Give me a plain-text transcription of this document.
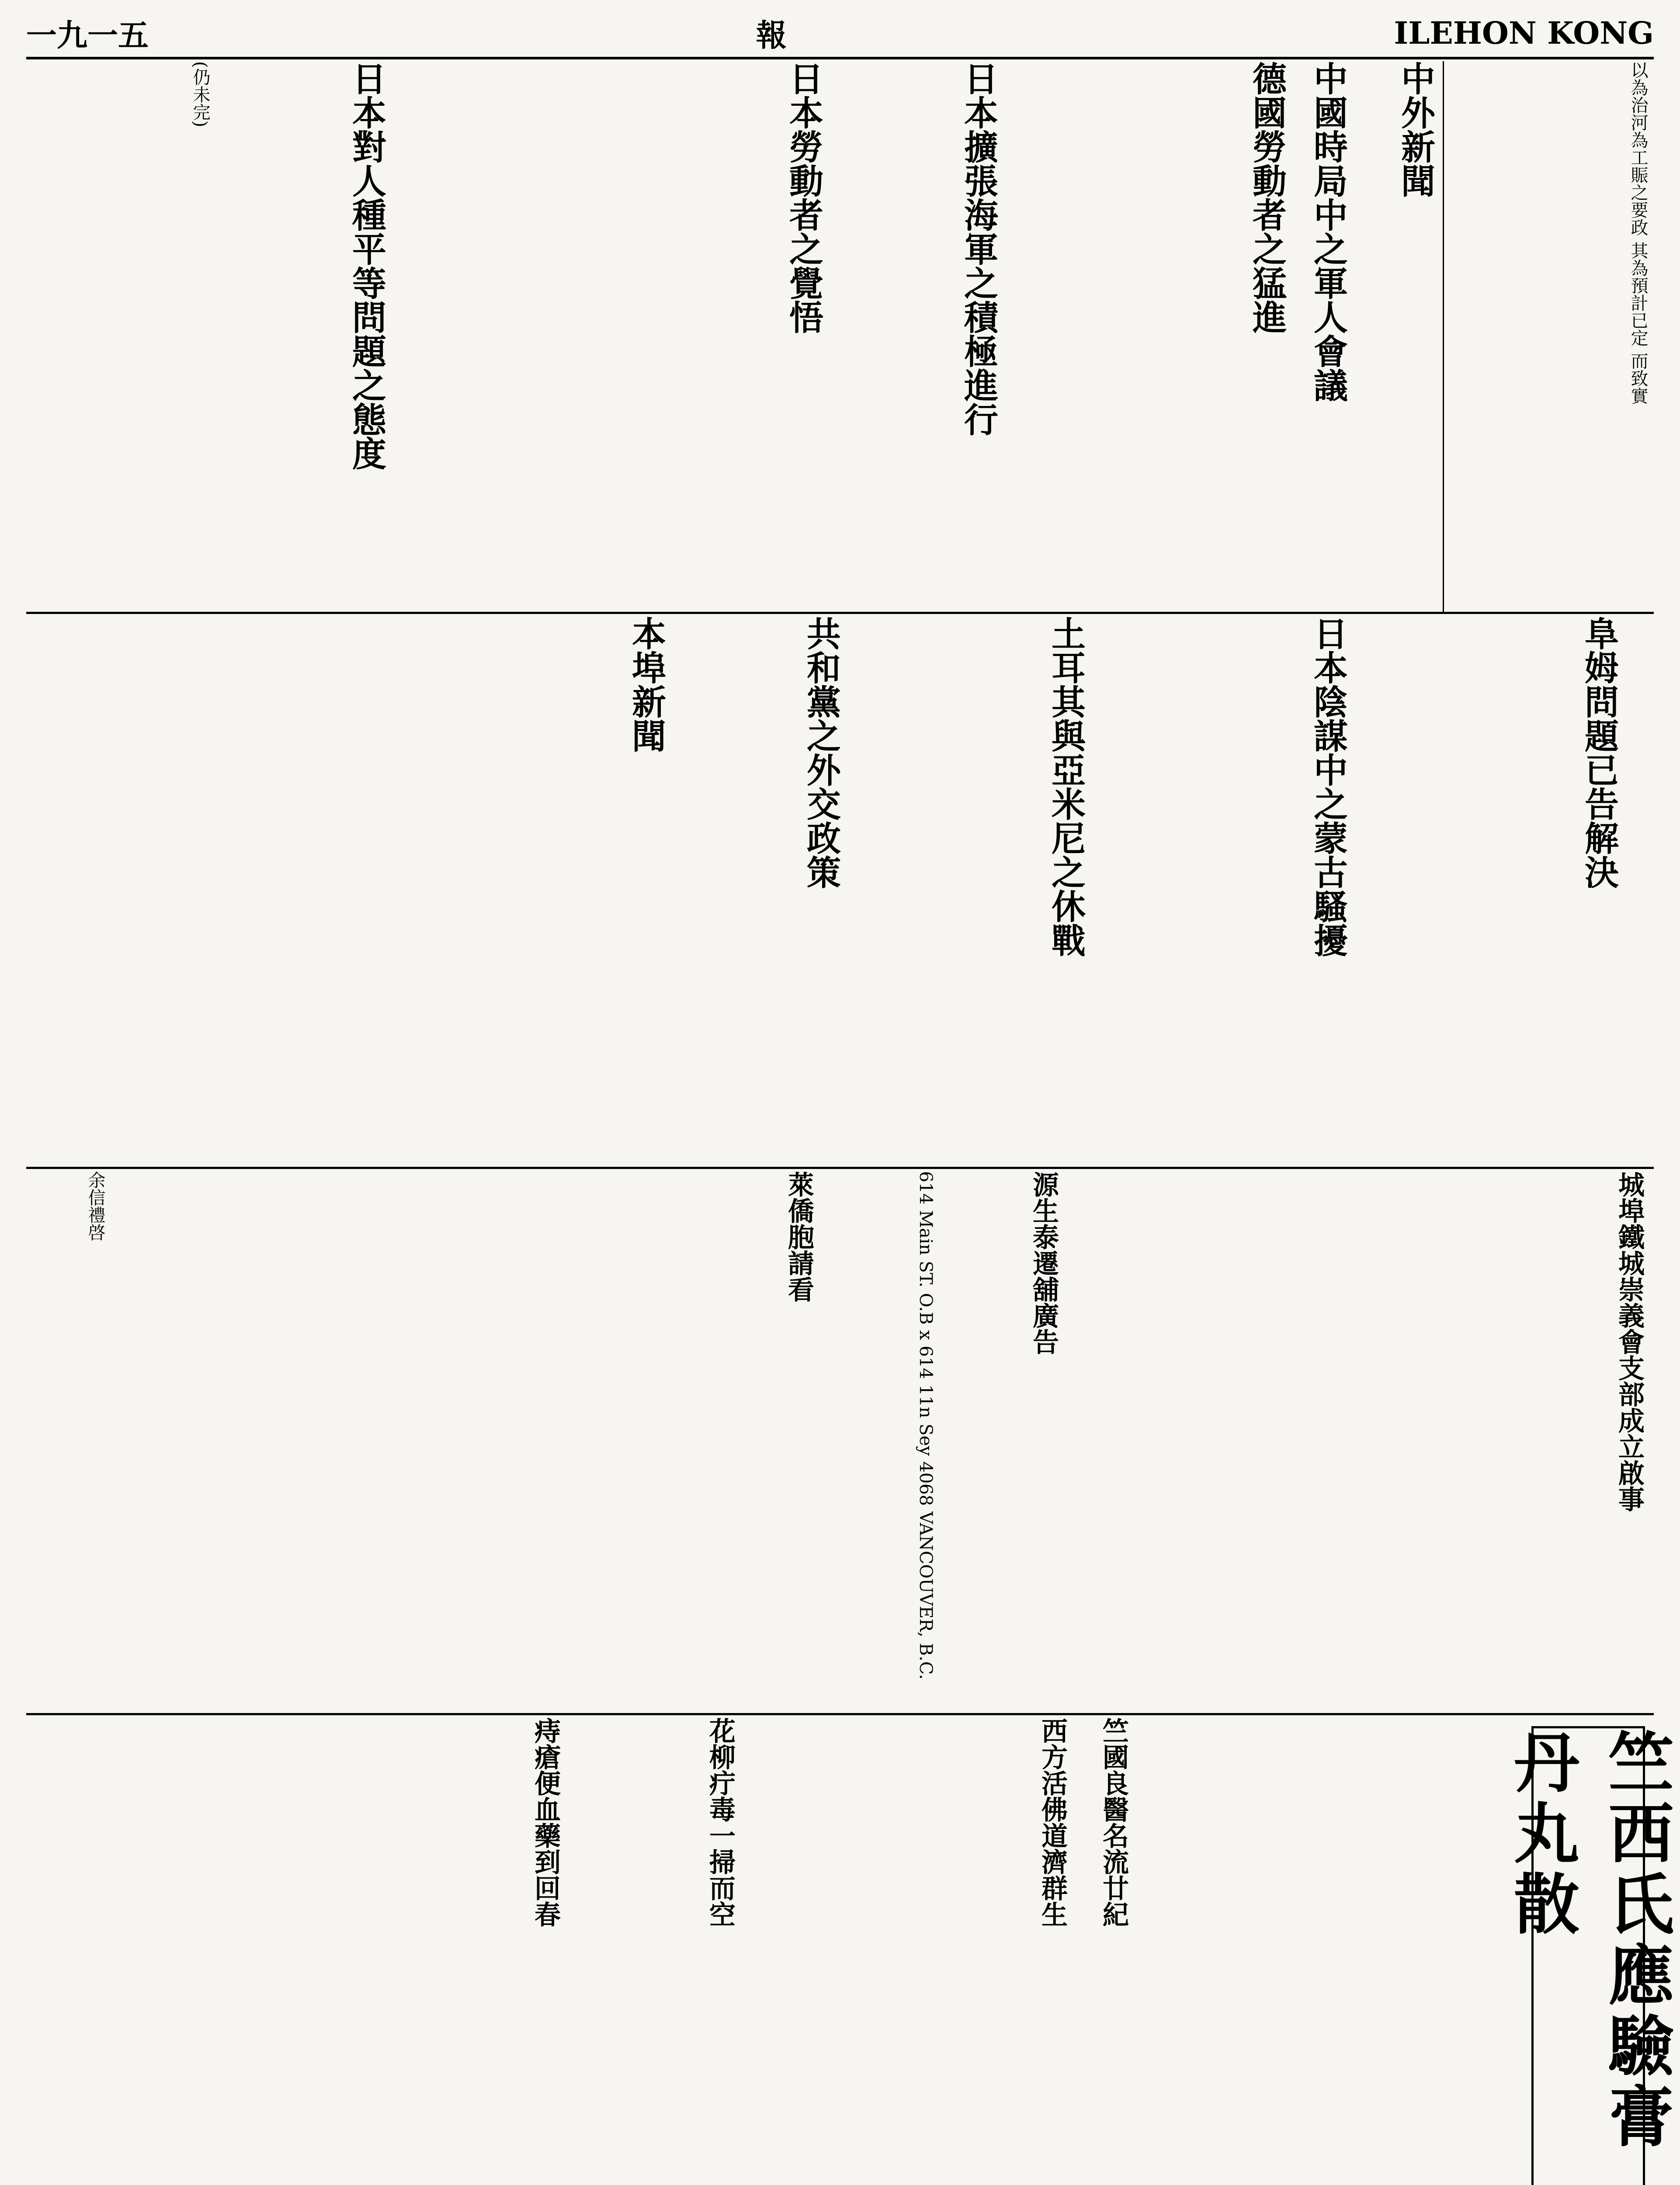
一九一五	報	ILEHON KONG
以為治河為工賑之要政 其為預計已定 而致實
中外新聞
中國時局中之軍人會議
德國勞動者之猛進
日本擴張海軍之積極進行
日本勞動者之覺悟
日本對人種平等問題之態度
(仍未完)
阜姆問題已告解決
日本陰謀中之蒙古騷擾
土耳其與亞米尼之休戰
共和黨之外交政策
本埠新聞
城埠鐵城崇義會支部成立啟事
源生泰遷舖廣告
614 Main ST. O.B x 614 11n Sey 4068 VANCOUVER, B.C.
萊僑胞請看
余信禮啓
竺西氏應驗膏丹丸散
竺國良醫名流廿紀
西方活佛道濟群生
花柳疔毒一掃而空
痔瘡便血藥到回春
